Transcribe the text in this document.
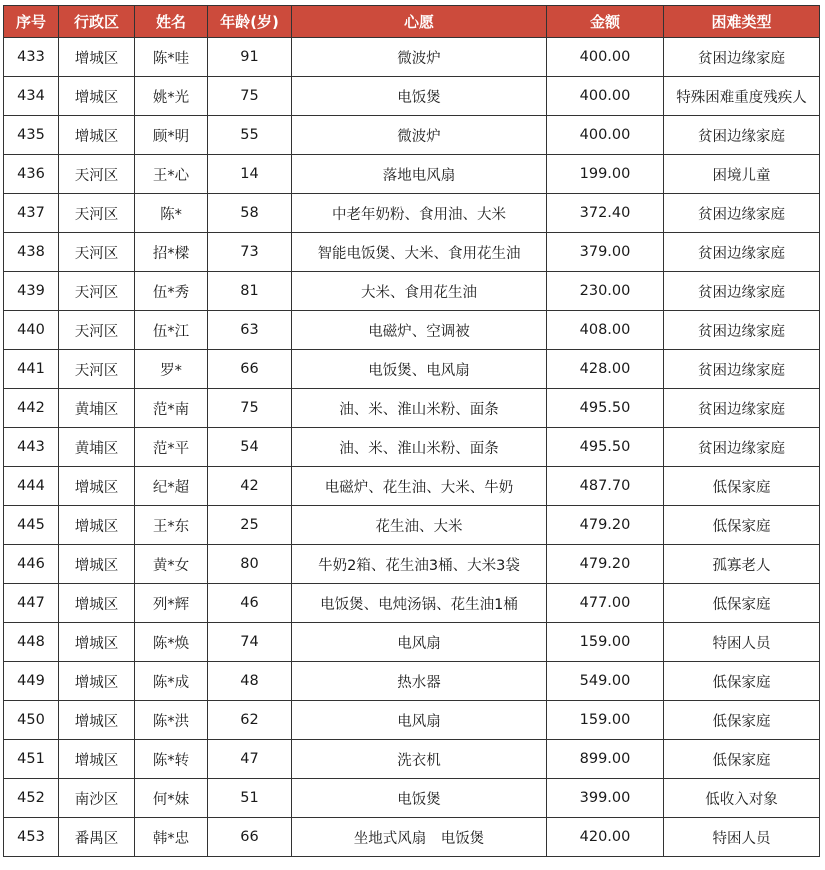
序号	行政区	姓名	年龄(岁)	心愿	金额	困难类型
433	增城区	陈*哇	91	微波炉	400.00	贫困边缘家庭
434	增城区	姚*光	75	电饭煲	400.00	特殊困难重度残疾人
435	增城区	顾*明	55	微波炉	400.00	贫困边缘家庭
436	天河区	王*心	14	落地电风扇	199.00	困境儿童
437	天河区	陈*	58	中老年奶粉、食用油、大米	372.40	贫困边缘家庭
438	天河区	招*樑	73	智能电饭煲、大米、食用花生油	379.00	贫困边缘家庭
439	天河区	伍*秀	81	大米、食用花生油	230.00	贫困边缘家庭
440	天河区	伍*江	63	电磁炉、空调被	408.00	贫困边缘家庭
441	天河区	罗*	66	电饭煲、电风扇	428.00	贫困边缘家庭
442	黄埔区	范*南	75	油、米、淮山米粉、面条	495.50	贫困边缘家庭
443	黄埔区	范*平	54	油、米、淮山米粉、面条	495.50	贫困边缘家庭
444	增城区	纪*超	42	电磁炉、花生油、大米、牛奶	487.70	低保家庭
445	增城区	王*东	25	花生油、大米	479.20	低保家庭
446	增城区	黄*女	80	牛奶2箱、花生油3桶、大米3袋	479.20	孤寡老人
447	增城区	列*辉	46	电饭煲、电炖汤锅、花生油1桶	477.00	低保家庭
448	增城区	陈*焕	74	电风扇	159.00	特困人员
449	增城区	陈*成	48	热水器	549.00	低保家庭
450	增城区	陈*洪	62	电风扇	159.00	低保家庭
451	增城区	陈*转	47	洗衣机	899.00	低保家庭
452	南沙区	何*妹	51	电饭煲	399.00	低收入对象
453	番禺区	韩*忠	66	坐地式风扇　电饭煲	420.00	特困人员
